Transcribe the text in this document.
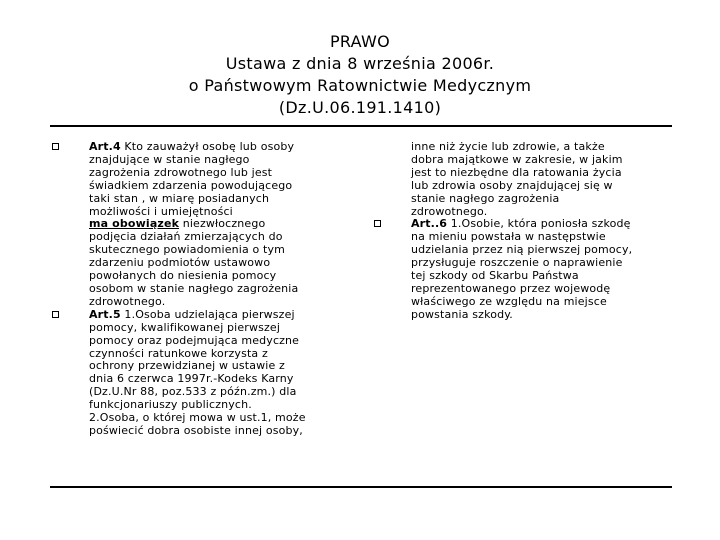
PRAWO
Ustawa z dnia 8 września 2006r.
o Państwowym Ratownictwie Medycznym
(Dz.U.06.191.1410)
Art.4 Kto zauważył osobę lub osoby
znajdujące w stanie nagłego
zagrożenia zdrowotnego lub jest
świadkiem zdarzenia powodującego
taki stan , w miarę posiadanych
możliwości i umiejętności
ma obowiązek niezwłocznego
podjęcia działań zmierzających do
skutecznego powiadomienia o tym
zdarzeniu podmiotów ustawowo
powołanych do niesienia pomocy
osobom w stanie nagłego zagrożenia
zdrowotnego.
Art.5 1.Osoba udzielająca pierwszej
pomocy, kwalifikowanej pierwszej
pomocy oraz podejmująca medyczne
czynności ratunkowe korzysta z
ochrony przewidzianej w ustawie z
dnia 6 czerwca 1997r.-Kodeks Karny
(Dz.U.Nr 88, poz.533 z późn.zm.) dla
funkcjonariuszy publicznych.
2.Osoba, o której mowa w ust.1, może
poświecić dobra osobiste innej osoby,
inne niż życie lub zdrowie, a także
dobra majątkowe w zakresie, w jakim
jest to niezbędne dla ratowania życia
lub zdrowia osoby znajdującej się w
stanie nagłego zagrożenia
zdrowotnego.
Art..6 1.Osobie, która poniosła szkodę
na mieniu powstała w następstwie
udzielania przez nią pierwszej pomocy,
przysługuje roszczenie o naprawienie
tej szkody od Skarbu Państwa
reprezentowanego przez wojewodę
właściwego ze względu na miejsce
powstania szkody.
